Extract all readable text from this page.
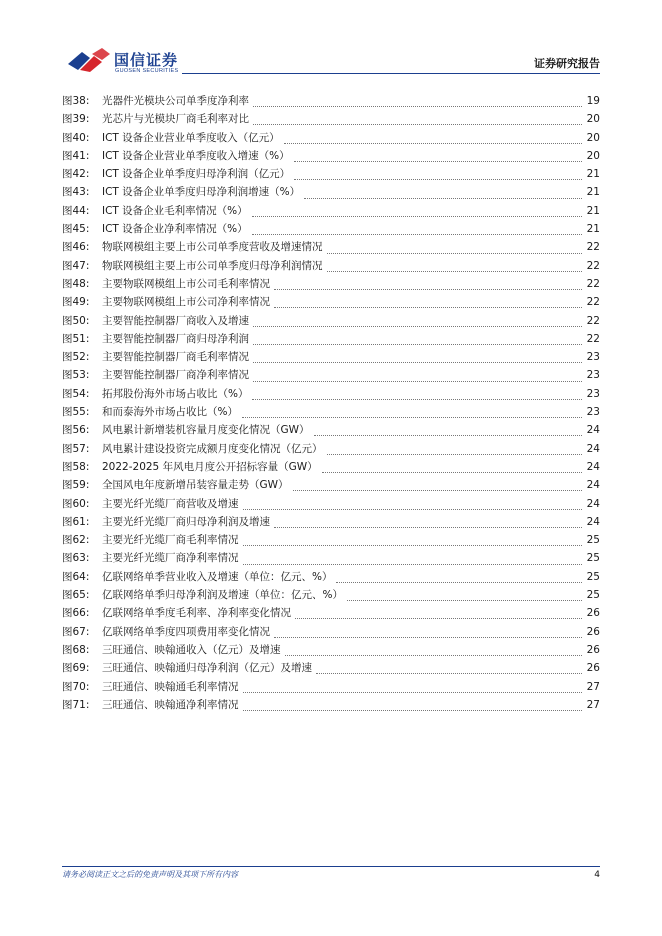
国信证券
GUOSEN SECURITIES
证券研究报告
图38:	光器件光模块公司单季度净利率	19
图39:	光芯片与光模块厂商毛利率对比	20
图40:	ICT 设备企业营业单季度收入（亿元）	20
图41:	ICT 设备企业营业单季度收入增速（%）	20
图42:	ICT 设备企业单季度归母净利润（亿元）	21
图43:	ICT 设备企业单季度归母净利润增速（%）	21
图44:	ICT 设备企业毛利率情况（%）	21
图45:	ICT 设备企业净利率情况（%）	21
图46:	物联网模组主要上市公司单季度营收及增速情况	22
图47:	物联网模组主要上市公司单季度归母净利润情况	22
图48:	主要物联网模组上市公司毛利率情况	22
图49:	主要物联网模组上市公司净利率情况	22
图50:	主要智能控制器厂商收入及增速	22
图51:	主要智能控制器厂商归母净利润	22
图52:	主要智能控制器厂商毛利率情况	23
图53:	主要智能控制器厂商净利率情况	23
图54:	拓邦股份海外市场占收比（%）	23
图55:	和而泰海外市场占收比（%）	23
图56:	风电累计新增装机容量月度变化情况（GW）	24
图57:	风电累计建设投资完成额月度变化情况（亿元）	24
图58:	2022-2025 年风电月度公开招标容量（GW）	24
图59:	全国风电年度新增吊装容量走势（GW）	24
图60:	主要光纤光缆厂商营收及增速	24
图61:	主要光纤光缆厂商归母净利润及增速	24
图62:	主要光纤光缆厂商毛利率情况	25
图63:	主要光纤光缆厂商净利率情况	25
图64:	亿联网络单季营业收入及增速（单位：亿元、%）	25
图65:	亿联网络单季归母净利润及增速（单位：亿元、%）	25
图66:	亿联网络单季度毛利率、净利率变化情况	26
图67:	亿联网络单季度四项费用率变化情况	26
图68:	三旺通信、映翰通收入（亿元）及增速	26
图69:	三旺通信、映翰通归母净利润（亿元）及增速	26
图70:	三旺通信、映翰通毛利率情况	27
图71:	三旺通信、映翰通净利率情况	27
请务必阅读正文之后的免责声明及其项下所有内容	4
